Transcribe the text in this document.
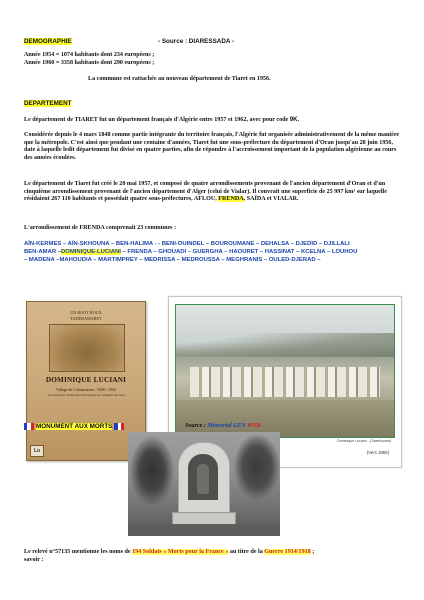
DEMOGRAPHIE	- Source : DIARESSADA -

Année 1954 = 1074 habitants dont 234 européens ;

Année 1960 = 3358 habitants dont 290 européens ;

La commune est rattachée au nouveau département de Tiaret en 1956.

DEPARTEMENT

Le département de TIARET fut un département français d'Algérie entre 1957 et 1962, avec pour code 9K.

Considérée depuis le 4 mars 1848 comme partie intégrante du territoire français, l'Algérie fut organisée administrativement de la même manière que la métropole. C'est ainsi que pendant une centaine d'années, Tiaret fut une sous-préfecture du département d'Oran jusqu'au 28 juin 1956, date à laquelle ledit département fut divisé en quatre parties, afin de répondre à l'accroissement important de la population algérienne au cours des années écoulées.

Le département de Tiaret fut créé le 20 mai 1957, et composé de quatre arrondissements provenant de l'ancien département d'Oran et d'un cinquième arrondissement provenant de l'ancien département d'Alger (celui de Vialar). Il couvrait une superficie de 25 997 km² sur laquelle résidaient 267 110 habitants et possédait quatre sous-préfectures, AFLOU, FRENDA, SAÏDA et VIALAR.

L'arrondissement de FRENDA comprenait 23 communes :

AÏN-KERMES – AÏN-SKHOUNA – BEN-HALIMA - - BENI-OUINDEL – BOUROUMANE – DEHALSA – DJEDID – DJILLALI
BEN-AMAR –DOMINIQUE-LUCIANI – FRENDA – GHOUADI – GUERGHA – HAOURET – HASSINAT – KCELNA – LOUHOU
– MADENA –MAHOUDIA – MARTIMPREY – MEDRISSA – MEDROUSSA – MEGHRANIS – OULED-DJERAD –
UN ROOT ROUX
TADERAMARET
DOMINIQUE LUCIANI
Village de Colonisation : 1926 / 1962
Les Derniers Tombeaux Européens de l'Algérie du Sud
Lo
Dominique Luciani - (Tiaret/ouest)
(Vers 1950)
MONUMENT AUX MORTS	Source : Mémorial GEN WEB

Le relevé n°57135 mentionne les noms de 194 Soldats « Morts pour la France » au titre de la Guerre 1914/1918 ;
savoir :
